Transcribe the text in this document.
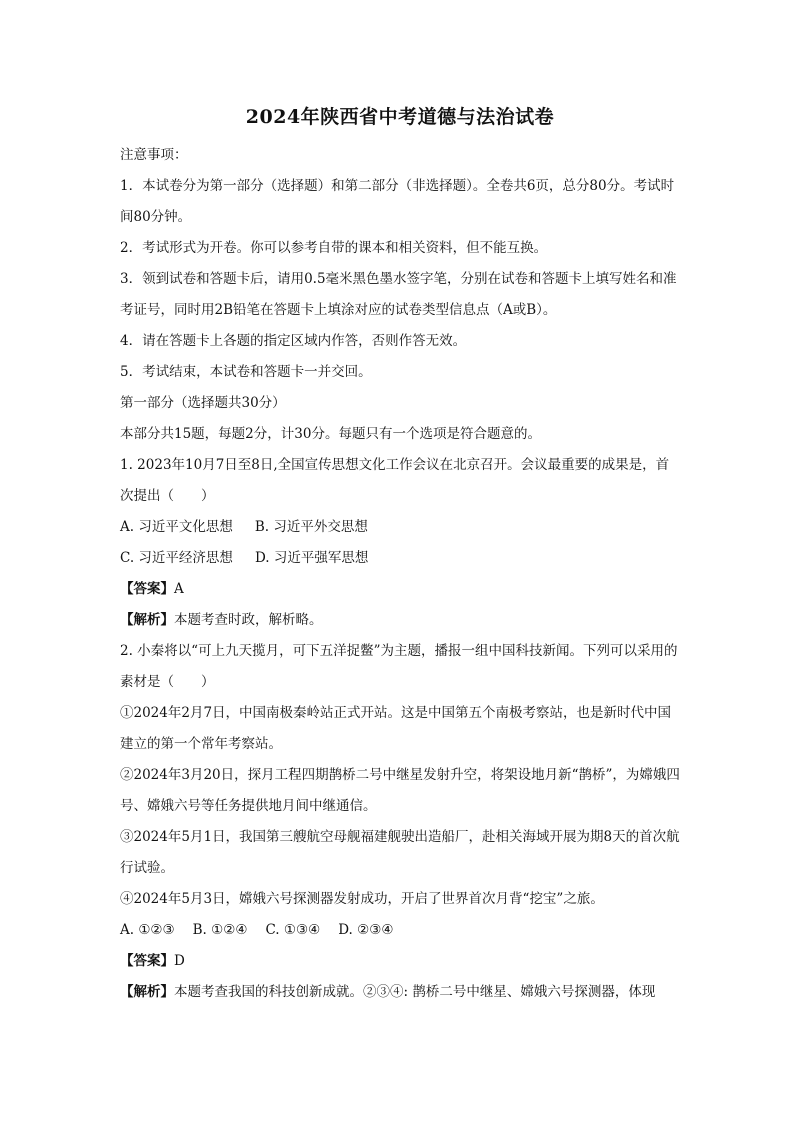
2024年陕西省中考道德与法治试卷

注意事项：

1．本试卷分为第一部分（选择题）和第二部分（非选择题）。全卷共6页，总分80分。考试时间80分钟。

2．考试形式为开卷。你可以参考自带的课本和相关资料，但不能互换。

3．领到试卷和答题卡后，请用0.5毫米黑色墨水签字笔，分别在试卷和答题卡上填写姓名和准考证号，同时用2B铅笔在答题卡上填涂对应的试卷类型信息点（A或B）。

4．请在答题卡上各题的指定区域内作答，否则作答无效。

5．考试结束，本试卷和答题卡一并交回。

第一部分（选择题共30分）

本部分共15题，每题2分，计30分。每题只有一个选项是符合题意的。

1. 2023年10月7日至8日,全国宣传思想文化工作会议在北京召开。会议最重要的成果是，首次提出（　　）

A. 习近平文化思想 B. 习近平外交思想

C. 习近平经济思想 D. 习近平强军思想

【答案】A

【解析】本题考查时政，解析略。

2. 小秦将以“可上九天揽月，可下五洋捉鳖”为主题，播报一组中国科技新闻。下列可以采用的素材是（　　）

①2024年2月7日，中国南极秦岭站正式开站。这是中国第五个南极考察站，也是新时代中国建立的第一个常年考察站。

②2024年3月20日，探月工程四期鹊桥二号中继星发射升空，将架设地月新“鹊桥”，为嫦娥四号、嫦娥六号等任务提供地月间中继通信。

③2024年5月1日，我国第三艘航空母舰福建舰驶出造船厂，赴相关海域开展为期8天的首次航行试验。

④2024年5月3日，嫦娥六号探测器发射成功，开启了世界首次月背“挖宝”之旅。

A. ①②③ B. ①②④ C. ①③④ D. ②③④

【答案】D

【解析】本题考查我国的科技创新成就。②③④: 鹊桥二号中继星、嫦娥六号探测器，体现
